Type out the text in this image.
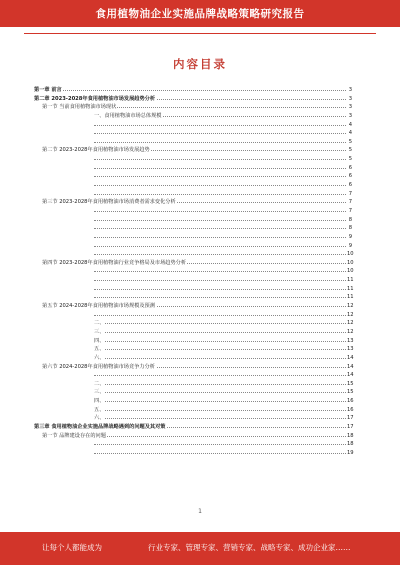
食用植物油企业实施品牌战略策略研究报告
内容目录
第一章 前言	3
第二章 2023-2028年食用植物油市场发展趋势分析	3
第一节 当前食用植物油市场现状	3
一、食用植物油市场总体规模	3
4
4
5
第二节 2023-2028年食用植物油市场发展趋势	5
5
6
6
6
7
第三节 2023-2028年食用植物油市场消费者需求变化分析	7
7
8
8
9
9
10
第四节 2023-2028年食用植物油行业竞争格局及市场趋势分析	10
10
11
11
11
第五节 2024-2028年食用植物油市场规模及预测	12
12
二、	12
三、	12
四、	13
五、	13
六、	14
第六节 2024-2028年食用植物油市场竞争力分析	14
14
二、	15
三、	15
四、	16
五、	16
六、	17
第三章 食用植物油企业实施品牌战略遇到的问题及其对策	17
第一节 品牌建设存在的问题	18
18
19
1
让每个人都能成为	行业专家、管理专家、营销专家、战略专家、成功企业家……
